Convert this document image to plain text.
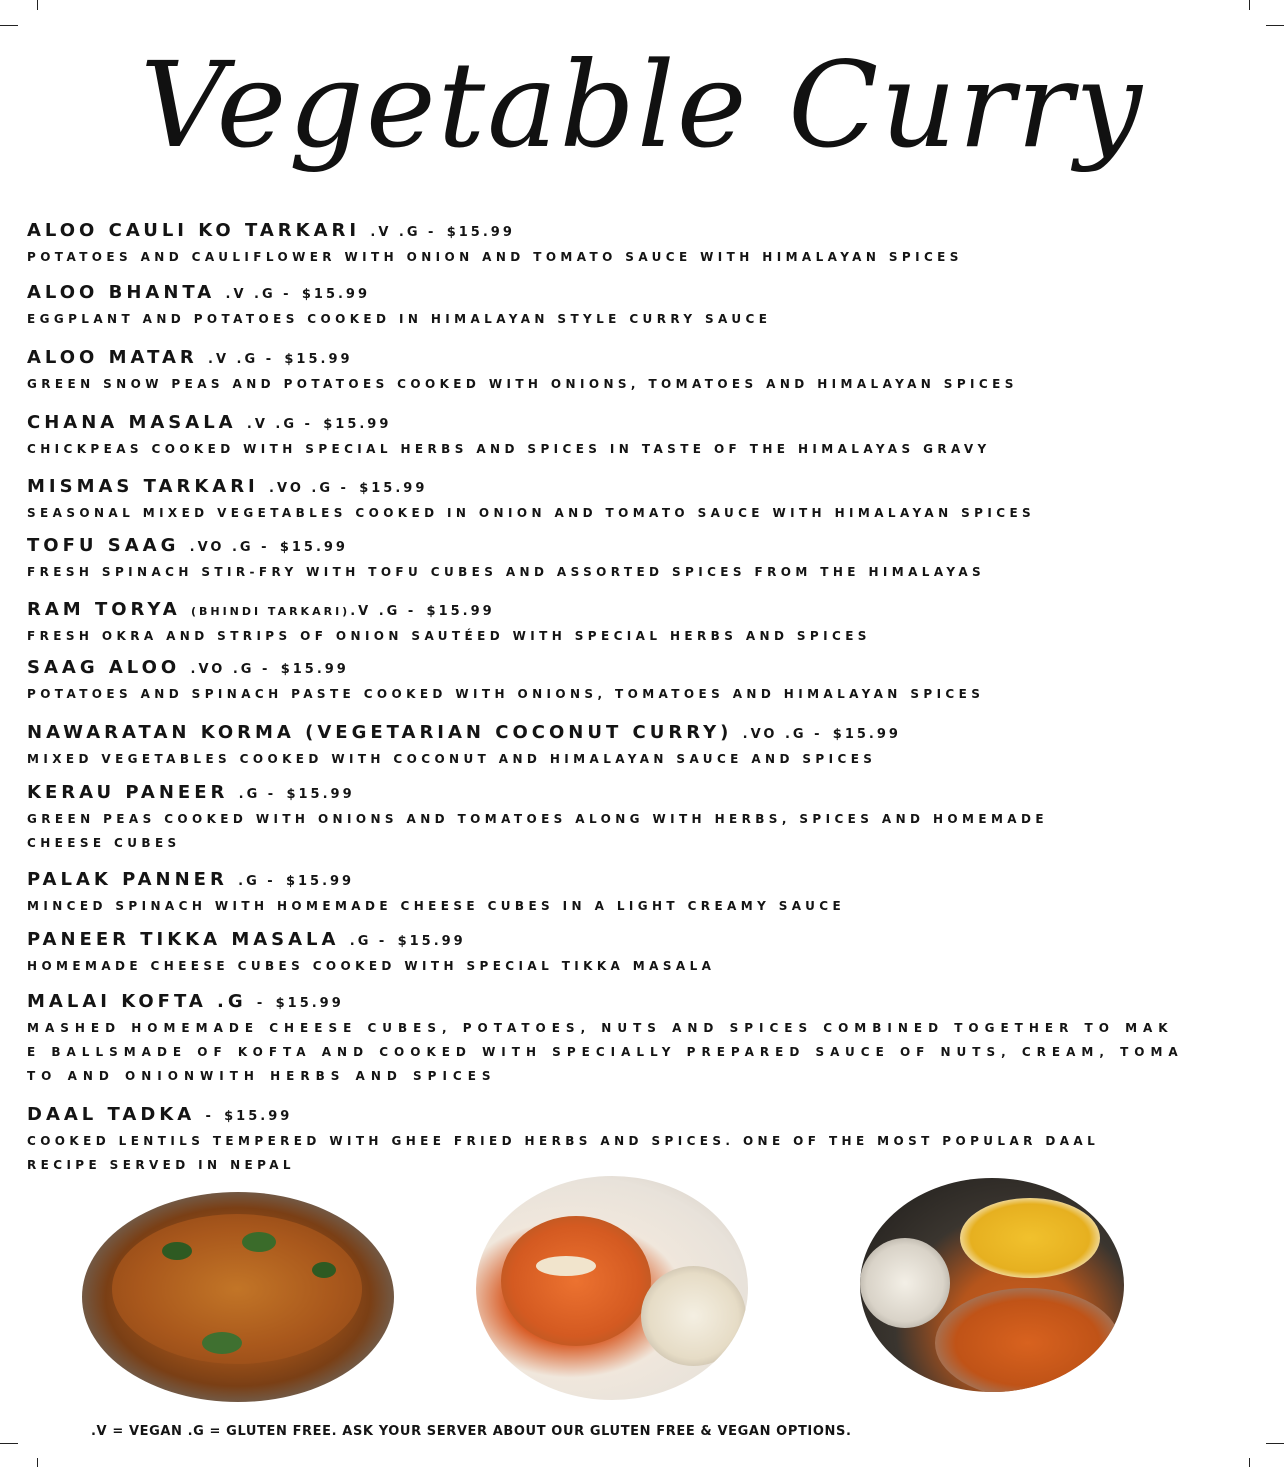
Vegetable Curry
ALOO CAULI KO TARKARI .V .G - $15.99
POTATOES AND CAULIFLOWER WITH ONION AND TOMATO SAUCE WITH HIMALAYAN SPICES
ALOO BHANTA .V .G - $15.99
EGGPLANT AND POTATOES COOKED IN HIMALAYAN STYLE CURRY SAUCE
ALOO MATAR .V .G - $15.99
GREEN SNOW PEAS AND POTATOES COOKED WITH ONIONS, TOMATOES AND HIMALAYAN SPICES
CHANA MASALA .V .G - $15.99
CHICKPEAS COOKED WITH SPECIAL HERBS AND SPICES IN TASTE OF THE HIMALAYAS GRAVY
MISMAS TARKARI .VO .G - $15.99
SEASONAL MIXED VEGETABLES COOKED IN ONION AND TOMATO SAUCE WITH HIMALAYAN SPICES
TOFU SAAG .VO .G - $15.99
FRESH SPINACH STIR-FRY WITH TOFU CUBES AND ASSORTED SPICES FROM THE HIMALAYAS
RAM TORYA (BHINDI TARKARI).V .G - $15.99
FRESH OKRA AND STRIPS OF ONION SAUTÉED WITH SPECIAL HERBS AND SPICES
SAAG ALOO .VO .G - $15.99
POTATOES AND SPINACH PASTE COOKED WITH ONIONS, TOMATOES AND HIMALAYAN SPICES
NAWARATAN KORMA (VEGETARIAN COCONUT CURRY) .VO .G - $15.99
MIXED VEGETABLES COOKED WITH COCONUT AND HIMALAYAN SAUCE AND SPICES
KERAU PANEER .G - $15.99
GREEN PEAS COOKED WITH ONIONS AND TOMATOES ALONG WITH HERBS, SPICES AND HOMEMADE
CHEESE CUBES
PALAK PANNER .G - $15.99
MINCED SPINACH WITH HOMEMADE CHEESE CUBES IN A LIGHT CREAMY SAUCE
PANEER TIKKA MASALA .G - $15.99
HOMEMADE CHEESE CUBES COOKED WITH SPECIAL TIKKA MASALA
MALAI KOFTA .G - $15.99
MASHED HOMEMADE CHEESE CUBES, POTATOES, NUTS AND SPICES COMBINED TOGETHER TO MAK
E BALLSMADE OF KOFTA AND COOKED WITH SPECIALLY PREPARED SAUCE OF NUTS, CREAM, TOMA
TO AND ONIONWITH HERBS AND SPICES
DAAL TADKA - $15.99
COOKED LENTILS TEMPERED WITH GHEE FRIED HERBS AND SPICES. ONE OF THE MOST POPULAR DAAL
RECIPE SERVED IN NEPAL
.V = VEGAN .G = GLUTEN FREE. ASK YOUR SERVER ABOUT OUR GLUTEN FREE & VEGAN OPTIONS.
